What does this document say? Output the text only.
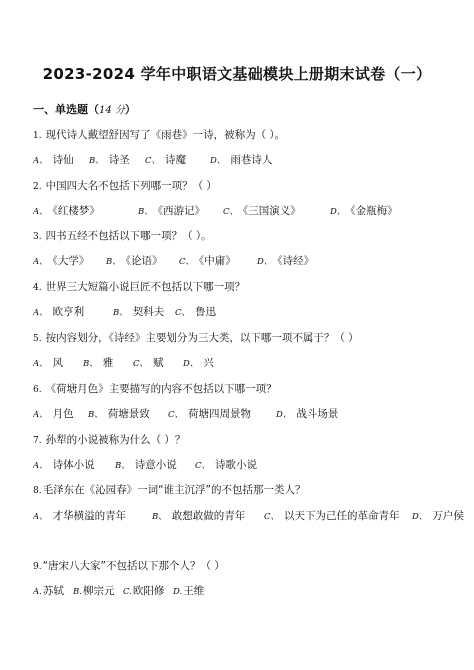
2023-2024 学年中职语文基础模块上册期末试卷（一）
一、单选题（14 分）
1. 现代诗人戴望舒因写了《雨巷》一诗，被称为（ ）。
A、 诗仙 B、 诗圣 C、 诗魔	D、 雨巷诗人
2. 中国四大名不包括下列哪一项？（ ）
A、 《红楼梦》	B、 《西游记》 C、 《三国演义》	D、 《金瓶梅》
3. 四书五经不包括以下哪一项？（ ）。
A、 《大学》 B、 《论语》 C、 《中庸》 D、 《诗经》
4. 世界三大短篇小说巨匠不包括以下哪一项？
A、 欧亨利	B、 契科夫 C、 鲁迅
5. 按内容划分，《诗经》主要划分为三大类，以下哪一项不属于？（ ）
A、 风 B、 雅 C、 赋 D、 兴
6. 《荷塘月色》主要描写的内容不包括以下哪一项？
A、 月色 B、 荷塘景致 C、 荷塘四周景物	D、 战斗场景
7. 孙犁的小说被称为什么（ ）？
A、 诗体小说 B、 诗意小说 C、 诗歌小说
8.毛泽东在《沁园春》一词“谁主沉浮”的不包括那一类人？
A、 才华横溢的青年	B、 敢想敢做的青年 C、 以天下为己任的革命青年 D、 万户侯
9.“唐宋八大家”不包括以下那个人？（ ）
A.苏轼 B.柳宗元 C.欧阳修 D.王维
